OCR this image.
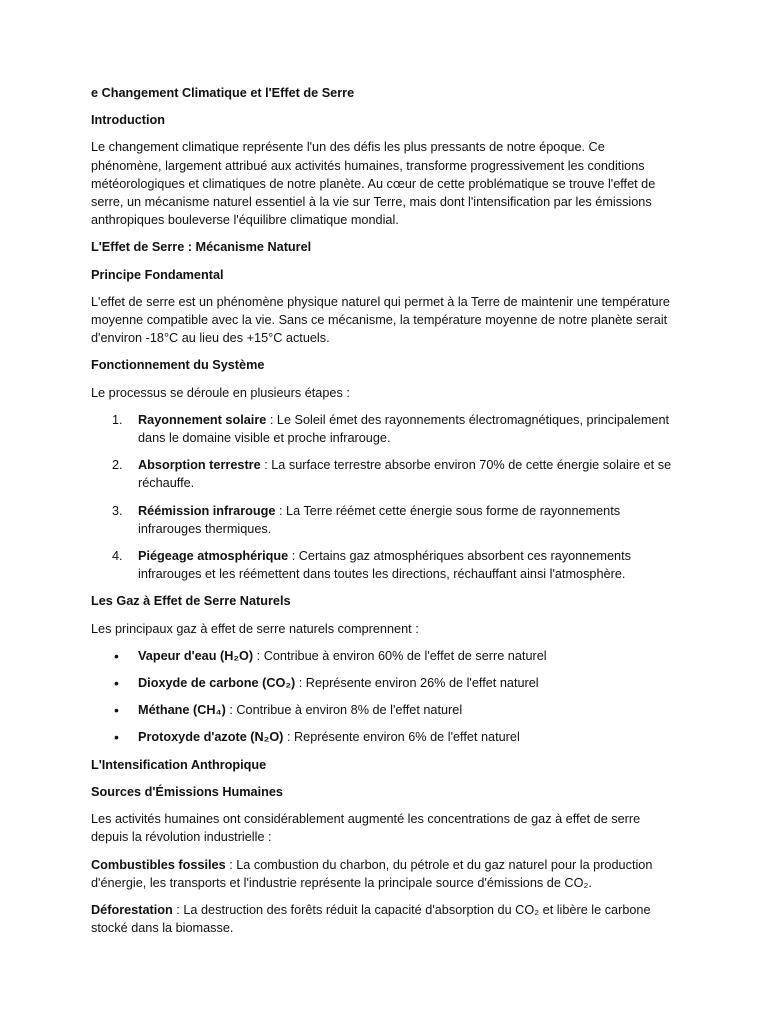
e Changement Climatique et l'Effet de Serre

Introduction

Le changement climatique représente l'un des défis les plus pressants de notre époque. Ce phénomène, largement attribué aux activités humaines, transforme progressivement les conditions météorologiques et climatiques de notre planète. Au cœur de cette problématique se trouve l'effet de serre, un mécanisme naturel essentiel à la vie sur Terre, mais dont l'intensification par les émissions anthropiques bouleverse l'équilibre climatique mondial.

L'Effet de Serre : Mécanisme Naturel

Principe Fondamental

L'effet de serre est un phénomène physique naturel qui permet à la Terre de maintenir une température moyenne compatible avec la vie. Sans ce mécanisme, la température moyenne de notre planète serait d'environ -18°C au lieu des +15°C actuels.

Fonctionnement du Système

Le processus se déroule en plusieurs étapes :

1. Rayonnement solaire : Le Soleil émet des rayonnements électromagnétiques, principalement dans le domaine visible et proche infrarouge.
2. Absorption terrestre : La surface terrestre absorbe environ 70% de cette énergie solaire et se réchauffe.
3. Réémission infrarouge : La Terre réémet cette énergie sous forme de rayonnements infrarouges thermiques.
4. Piégeage atmosphérique : Certains gaz atmosphériques absorbent ces rayonnements infrarouges et les réémettent dans toutes les directions, réchauffant ainsi l'atmosphère.

Les Gaz à Effet de Serre Naturels

Les principaux gaz à effet de serre naturels comprennent :

• Vapeur d'eau (H₂O) : Contribue à environ 60% de l'effet de serre naturel
• Dioxyde de carbone (CO₂) : Représente environ 26% de l'effet naturel
• Méthane (CH₄) : Contribue à environ 8% de l'effet naturel
• Protoxyde d'azote (N₂O) : Représente environ 6% de l'effet naturel

L'Intensification Anthropique

Sources d'Émissions Humaines

Les activités humaines ont considérablement augmenté les concentrations de gaz à effet de serre depuis la révolution industrielle :

Combustibles fossiles : La combustion du charbon, du pétrole et du gaz naturel pour la production d'énergie, les transports et l'industrie représente la principale source d'émissions de CO₂.

Déforestation : La destruction des forêts réduit la capacité d'absorption du CO₂ et libère le carbone stocké dans la biomasse.
